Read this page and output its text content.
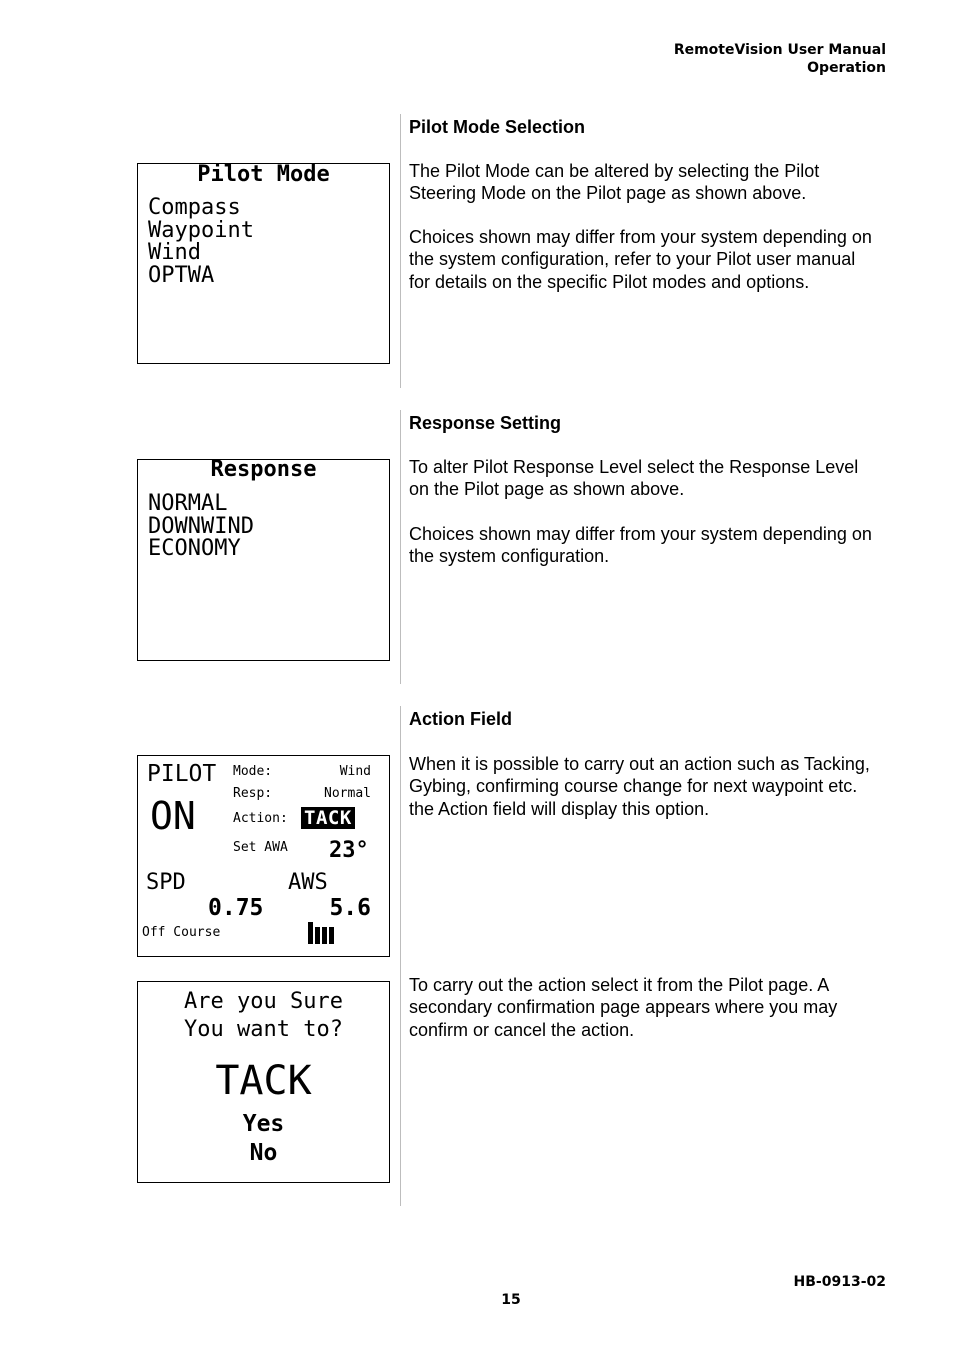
RemoteVision User Manual
Operation
Pilot Mode Selection

The Pilot Mode can be altered by selecting the Pilot Steering Mode on the Pilot page as shown above.

Choices shown may differ from your system depending on the system configuration, refer to your Pilot user manual for details on the specific Pilot modes and options.

Pilot Mode
Compass
Waypoint
Wind
OPTWA
Response Setting

To alter Pilot Response Level select the Response Level on the Pilot page as shown above.

Choices shown may differ from your system depending on the system configuration.

Response
NORMAL
DOWNWIND
ECONOMY
Action Field

When it is possible to carry out an action such as Tacking, Gybing, confirming course change for next waypoint etc. the Action field will display this option.

PILOT
ON
Mode:	Wind
Resp:	Normal
Action: TACK
Set AWA 23°
SPD	AWS
0.75	5.6
Off Course

To carry out the action select it from the Pilot page. A secondary confirmation page appears where you may confirm or cancel the action.

Are you Sure
You want to?
TACK
Yes
No
HB-0913-02
15
